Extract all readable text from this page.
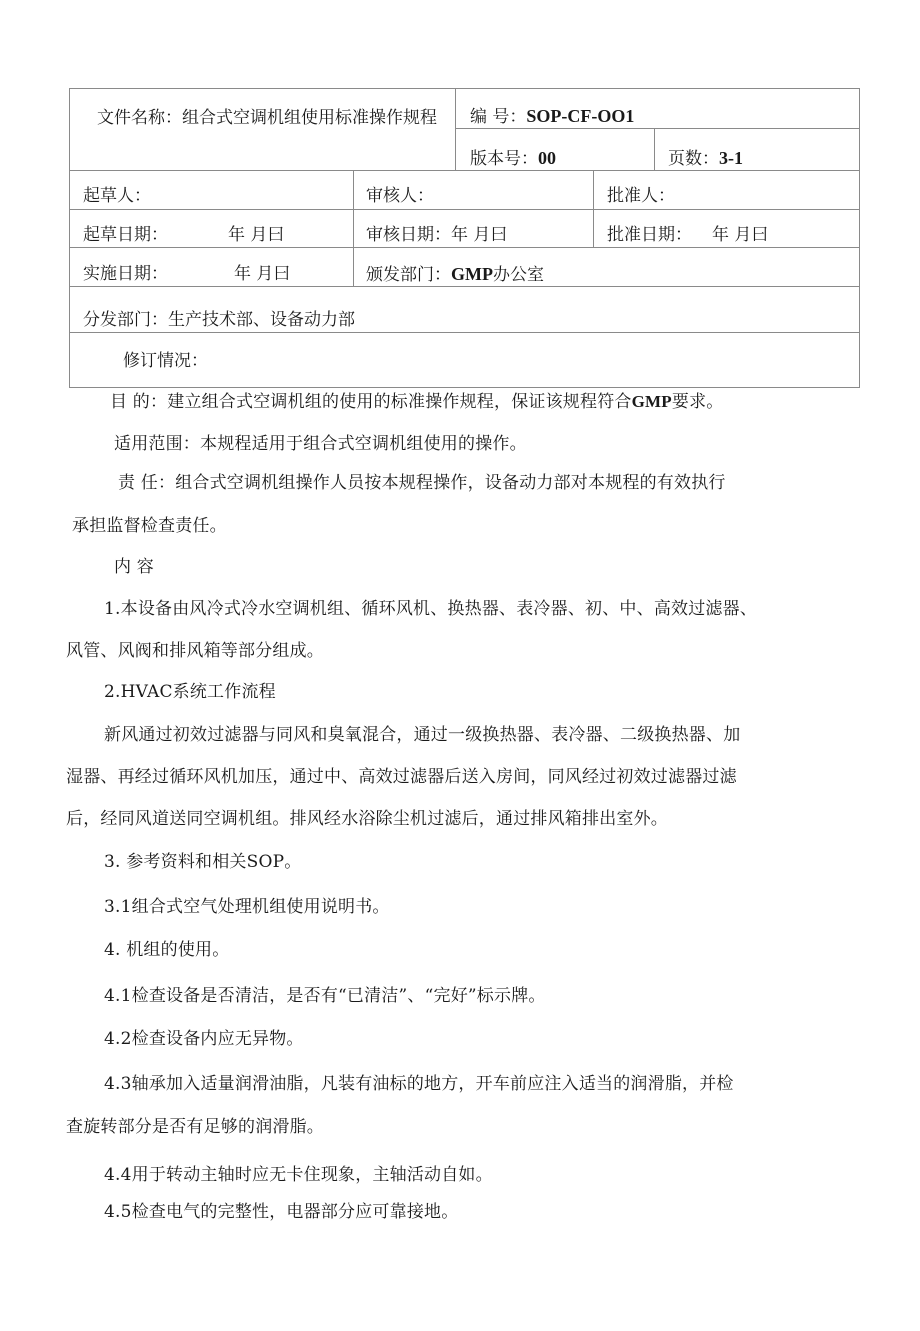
文件名称：组合式空调机组使用标准操作规程	编 号：SOP-CF-OO1
版本号：00	页数：3-1
起草人：	审核人：	批准人：
起草日期：	年 月曰	审核日期：年 月曰	批准日期： 年 月曰
实施日期：	年 月曰	颁发部门：GMP办公室
分发部门：生产技术部、设备动力部
修订情况：
目 的：建立组合式空调机组的使用的标准操作规程，保证该规程符合GMP要求。
适用范围：本规程适用于组合式空调机组使用的操作。
责 任：组合式空调机组操作人员按本规程操作，设备动力部对本规程的有效执行
承担监督检查责任。
内 容
1.本设备由风冷式冷水空调机组、循环风机、换热器、表冷器、初、中、高效过滤器、
风管、风阀和排风箱等部分组成。
2.HVAC系统工作流程
新风通过初效过滤器与同风和臭氧混合，通过一级换热器、表冷器、二级换热器、加
湿器、再经过循环风机加压，通过中、高效过滤器后送入房间，同风经过初效过滤器过滤
后，经同风道送同空调机组。排风经水浴除尘机过滤后，通过排风箱排出室外。
3. 参考资料和相关SOP。
3.1组合式空气处理机组使用说明书。
4. 机组的使用。
4.1检查设备是否清洁，是否有“已清洁”、“完好”标示牌。
4.2检查设备内应无异物。
4.3轴承加入适量润滑油脂，凡装有油标的地方，开车前应注入适当的润滑脂，并检
查旋转部分是否有足够的润滑脂。
4.4用于转动主轴时应无卡住现象，主轴活动自如。
4.5检查电气的完整性，电器部分应可靠接地。
